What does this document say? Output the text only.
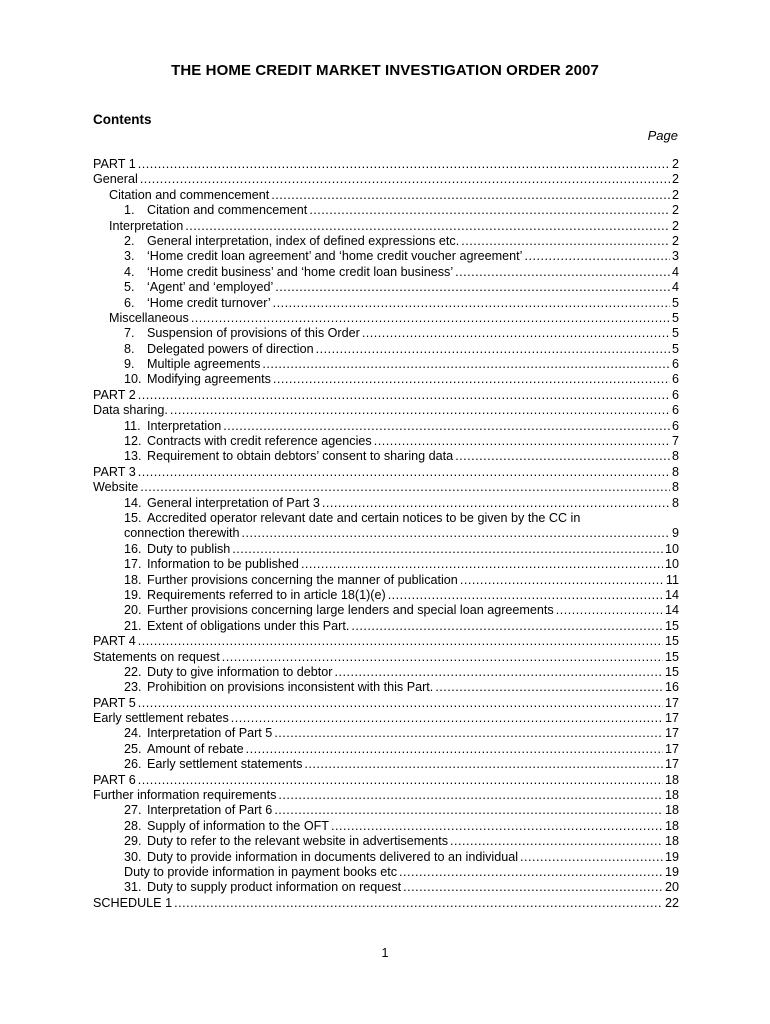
THE HOME CREDIT MARKET INVESTIGATION ORDER 2007
Contents
Page
PART 1 .....	2
General .....	2
Citation and commencement .....	2
1. Citation and commencement .....	2
Interpretation .....	2
2. General interpretation, index of defined expressions etc. .....	2
3. ‘Home credit loan agreement’ and ‘home credit voucher agreement’ .....	3
4. ‘Home credit business’ and ‘home credit loan business’ .....	4
5. ‘Agent’ and ‘employed’ .....	4
6. ‘Home credit turnover’ .....	5
Miscellaneous .....	5
7. Suspension of provisions of this Order .....	5
8. Delegated powers of direction .....	5
9. Multiple agreements .....	6
10. Modifying agreements .....	6
PART 2 .....	6
Data sharing. .....	6
11. Interpretation .....	6
12. Contracts with credit reference agencies .....	7
13. Requirement to obtain debtors’ consent to sharing data .....	8
PART 3 .....	8
Website .....	8
14. General interpretation of Part 3 .....	8
15. Accredited operator relevant date and certain notices to be given by the CC in
connection therewith .....	9
16. Duty to publish .....	10
17. Information to be published .....	10
18. Further provisions concerning the manner of publication .....	11
19. Requirements referred to in article 18(1)(e) .....	14
20. Further provisions concerning large lenders and special loan agreements .....	14
21. Extent of obligations under this Part. .....	15
PART 4 .....	15
Statements on request .....	15
22. Duty to give information to debtor .....	15
23. Prohibition on provisions inconsistent with this Part. .....	16
PART 5 .....	17
Early settlement rebates .....	17
24. Interpretation of Part 5 .....	17
25. Amount of rebate .....	17
26. Early settlement statements .....	17
PART 6 .....	18
Further information requirements .....	18
27. Interpretation of Part 6 .....	18
28. Supply of information to the OFT .....	18
29. Duty to refer to the relevant website in advertisements .....	18
30. Duty to provide information in documents delivered to an individual .....	19
Duty to provide information in payment books etc .....	19
31. Duty to supply product information on request .....	20
SCHEDULE 1 .....	22
1
